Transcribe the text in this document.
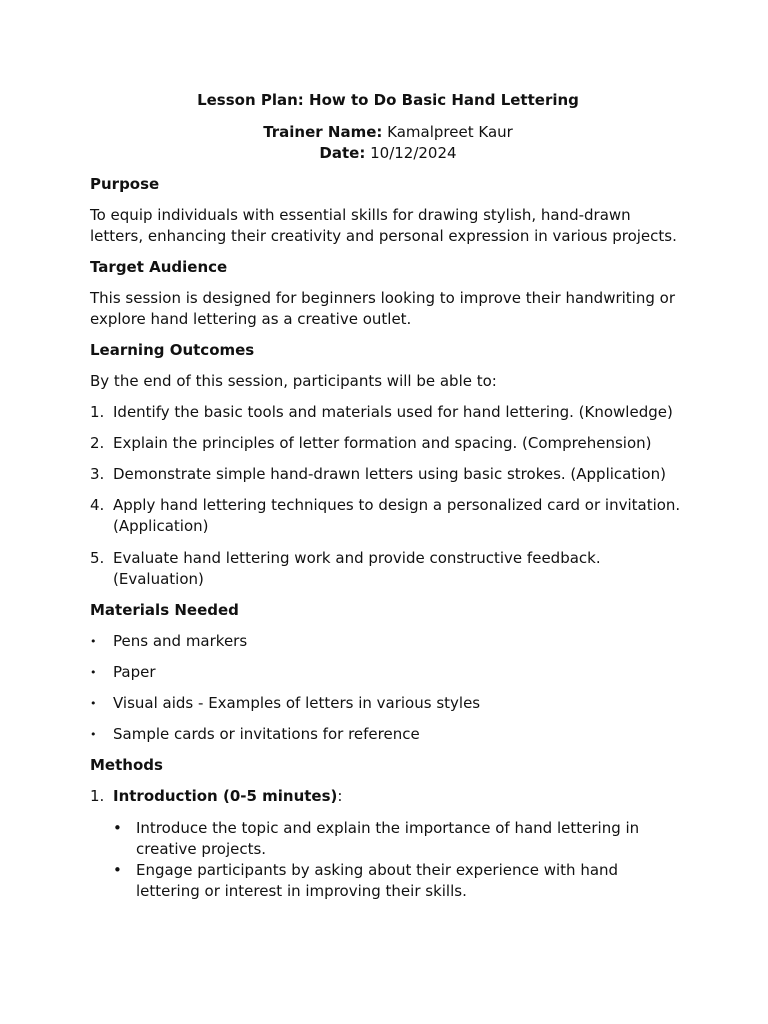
Lesson Plan: How to Do Basic Hand Lettering

Trainer Name: Kamalpreet Kaur
Date: 10/12/2024

Purpose

To equip individuals with essential skills for drawing stylish, hand-drawn letters, enhancing their creativity and personal expression in various projects.

Target Audience

This session is designed for beginners looking to improve their handwriting or explore hand lettering as a creative outlet.

Learning Outcomes

By the end of this session, participants will be able to:

1. Identify the basic tools and materials used for hand lettering. (Knowledge)
2. Explain the principles of letter formation and spacing. (Comprehension)
3. Demonstrate simple hand-drawn letters using basic strokes. (Application)
4. Apply hand lettering techniques to design a personalized card or invitation. (Application)
5. Evaluate hand lettering work and provide constructive feedback. (Evaluation)

Materials Needed

• Pens and markers
• Paper
• Visual aids - Examples of letters in various styles
• Sample cards or invitations for reference

Methods

1. Introduction (0-5 minutes):
• Introduce the topic and explain the importance of hand lettering in creative projects.
• Engage participants by asking about their experience with hand lettering or interest in improving their skills.
